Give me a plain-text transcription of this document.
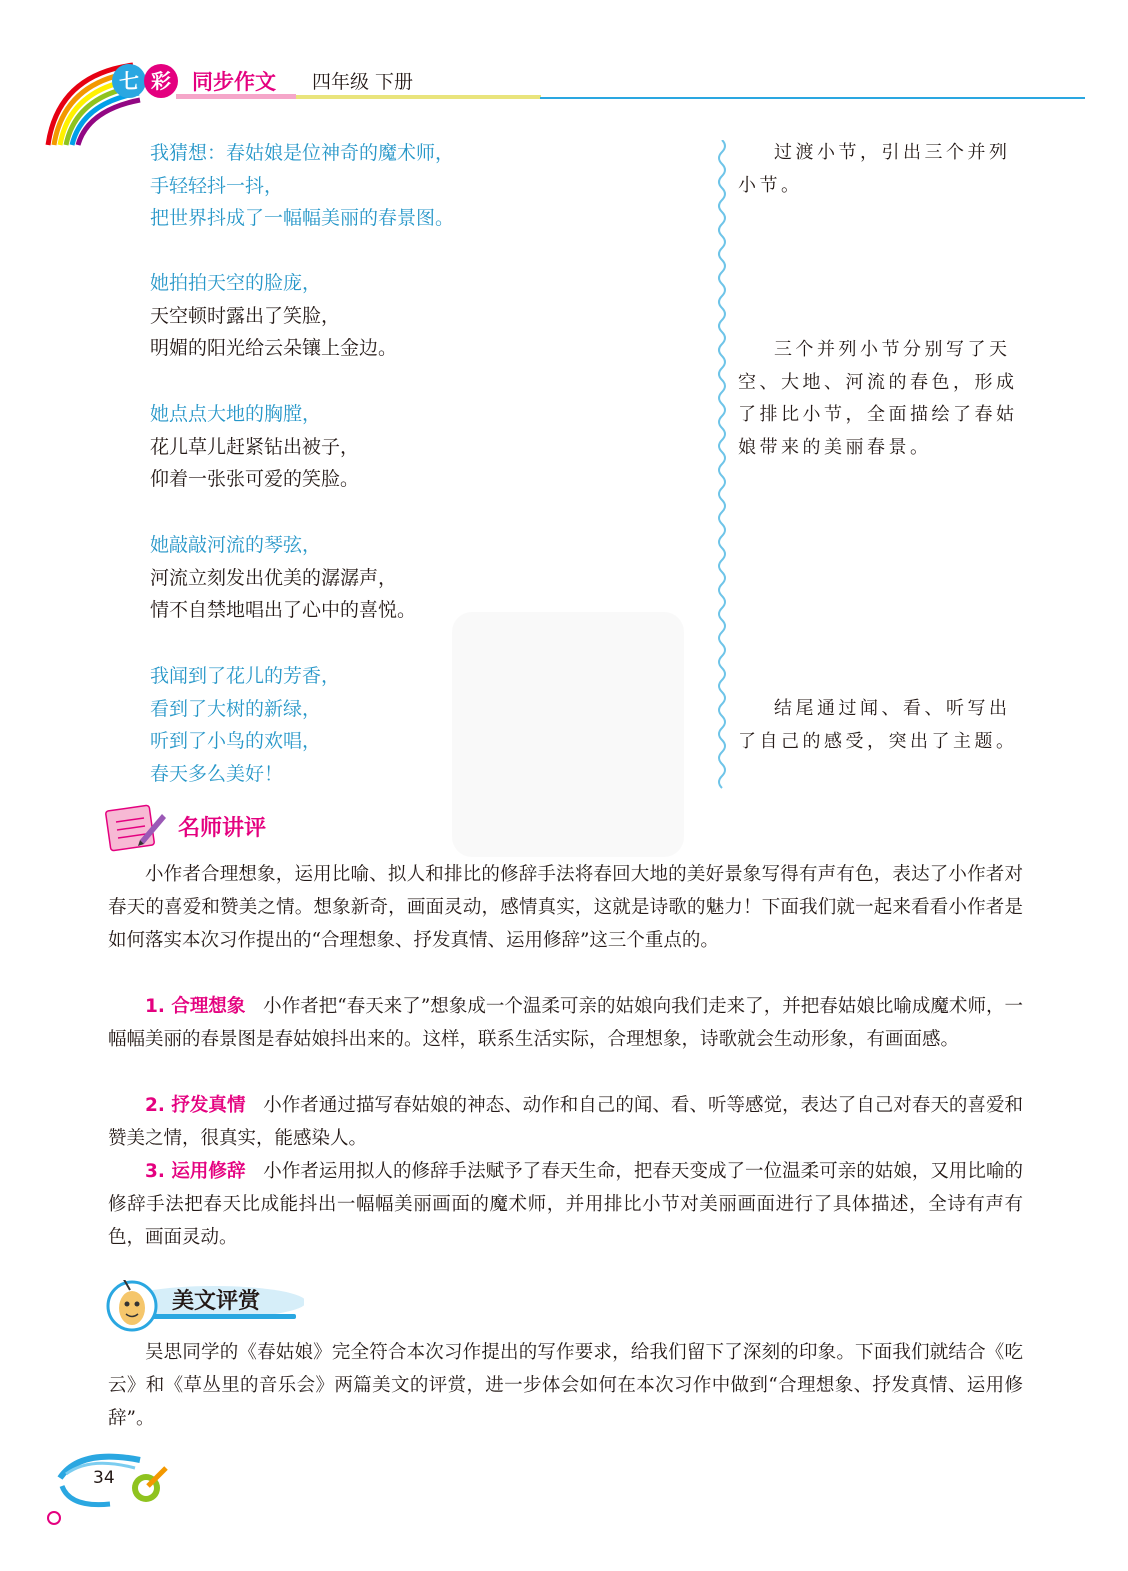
七 彩	同步作文 四年级 下册
我猜想：春姑娘是位神奇的魔术师，
手轻轻抖一抖，
把世界抖成了一幅幅美丽的春景图。
她拍拍天空的脸庞，
天空顿时露出了笑脸，
明媚的阳光给云朵镶上金边。
她点点大地的胸膛，
花儿草儿赶紧钻出被子，
仰着一张张可爱的笑脸。
她敲敲河流的琴弦，
河流立刻发出优美的潺潺声，
情不自禁地唱出了心中的喜悦。
我闻到了花儿的芳香，
看到了大树的新绿，
听到了小鸟的欢唱，
春天多么美好！
过渡小节，引出三个并列小节。
三个并列小节分别写了天空、大地、河流的春色，形成了排比小节，全面描绘了春姑娘带来的美丽春景。
结尾通过闻、看、听写出了自己的感受，突出了主题。
名师讲评
小作者合理想象，运用比喻、拟人和排比的修辞手法将春回大地的美好景象写得有声有色，表达了小作者对春天的喜爱和赞美之情。想象新奇，画面灵动，感情真实，这就是诗歌的魅力！下面我们就一起来看看小作者是如何落实本次习作提出的“合理想象、抒发真情、运用修辞”这三个重点的。
1. 合理想象 小作者把“春天来了”想象成一个温柔可亲的姑娘向我们走来了，并把春姑娘比喻成魔术师，一幅幅美丽的春景图是春姑娘抖出来的。这样，联系生活实际，合理想象，诗歌就会生动形象，有画面感。
2. 抒发真情 小作者通过描写春姑娘的神态、动作和自己的闻、看、听等感觉，表达了自己对春天的喜爱和赞美之情，很真实，能感染人。
3. 运用修辞 小作者运用拟人的修辞手法赋予了春天生命，把春天变成了一位温柔可亲的姑娘，又用比喻的修辞手法把春天比成能抖出一幅幅美丽画面的魔术师，并用排比小节对美丽画面进行了具体描述，全诗有声有色，画面灵动。
美文评赏
吴思同学的《春姑娘》完全符合本次习作提出的写作要求，给我们留下了深刻的印象。下面我们就结合《吃云》和《草丛里的音乐会》两篇美文的评赏，进一步体会如何在本次习作中做到“合理想象、抒发真情、运用修辞”。
34
